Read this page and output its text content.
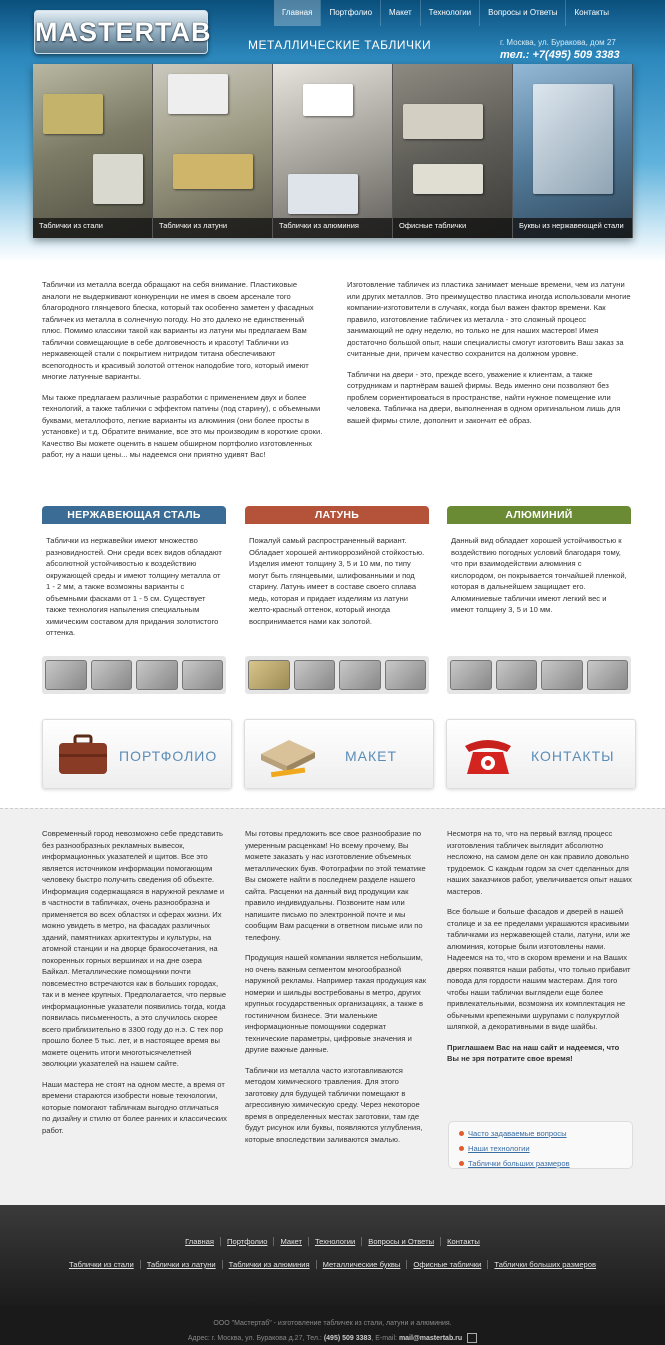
MASTERTAB
Главная	Портфолио	Макет	Технологии	Вопросы и Ответы	Контакты
МЕТАЛЛИЧЕСКИЕ ТАБЛИЧКИ	г. Москва, ул. Буракова, дом 27
тел.: +7(495) 509 3383
Таблички из стали	Таблички из латуни	Таблички из алюминия	Офисные таблички	Буквы из нержавеющей стали

Таблички из металла всегда обращают на себя внимание. Пластиковые аналоги не выдерживают конкуренции не имея в своем арсенале того благородного глянцевого блеска, который так особенно заметен у фасадных табличек из металла в солнечную погоду. Но это далеко не единственный плюс. Помимо классики такой как варианты из латуни мы предлагаем Вам таблички совмещающие в себе долговечность и красоту! Таблички из нержавеющей стали с покрытием нитридом титана обеспечивают всепогодность и красивый золотой оттенок наподобие того, который имеют многие латунные варианты.

Мы также предлагаем различные разработки с применением двух и более технологий, а также таблички с эффектом патины (под старину), с объемными буквами, металлофото, легкие варианты из алюминия (они более просты в установке) и т.д. Обратите внимание, все это мы производим в короткие сроки. Качество Вы можете оценить в нашем обширном портфолио изготовленных работ, ну а наши цены... мы надеемся они приятно удивят Вас!

Изготовление табличек из пластика занимает меньше времени, чем из латуни или других металлов. Это преимущество пластика иногда использовали многие компании-изготовители в случаях, когда был важен фактор времени. Как правило, изготовление табличек из металла - это сложный процесс занимающий не одну неделю, но только не для наших мастеров! Имея достаточно большой опыт, наши специалисты смогут изготовить Ваш заказ за считанные дни, причем качество сохранится на должном уровне.

Таблички на двери - это, прежде всего, уважение к клиентам, а также сотрудникам и партнёрам вашей фирмы. Ведь именно они позволяют без проблем сориентироваться в пространстве, найти нужное помещение или человека. Табличка на двери, выполненная в одном оригинальном лишь для вашей фирмы стиле, дополнит и закончит её образ.

НЕРЖАВЕЮЩАЯ СТАЛЬ
Таблички из нержавейки имеют множество разновидностей. Они среди всех видов обладают абсолютной устойчивостью к воздействию окружающей среды и имеют толщину металла от 1 - 2 мм, а также возможны варианты с объемными фасками от 1 - 5 см. Существует также технология напыления специальным химическим составом для придания золотистого оттенка.
ЛАТУНЬ
Пожалуй самый распространенный вариант. Обладает хорошей антикоррозийной стойкостью. Изделия имеют толщину 3, 5 и 10 мм, по типу могут быть глянцевыми, шлифованными и под старину. Латунь имеет в составе своего сплава медь, которая и придает изделиям из латуни желто-красный оттенок, который иногда воспринимается нами как золотой.
АЛЮМИНИЙ
Данный вид обладает хорошей устойчивостью к воздействию погодных условий благодаря тому, что при взаимодействии алюминия с кислородом, он покрывается тончайшей пленкой, которая в дальнейшем защищает его. Алюминиевые таблички имеют легкий вес и имеют толщину 3, 5 и 10 мм.
ПОРТФОЛИО	МАКЕТ	КОНТАКТЫ

Современный город невозможно себе представить без разнообразных рекламных вывесок, информационных указателей и щитов. Все это является источником информации помогающим человеку быстро получить сведения об объекте. Информация содержащаяся в наружной рекламе и в частности в табличках, очень разнообразна и применяется во всех областях и сферах жизни. Их можно увидеть в метро, на фасадах различных зданий, памятниках архитектуры и культуры, на атомной станции и на дворце бракосочетания, на покоренных горных вершинах и на дне озера Байкал. Металлические помощники почти повсеместно встречаются как в больших городах, так и в менее крупных. Предполагается, что первые информационные указатели появились тогда, когда появилась письменность, а это случилось скорее всего приблизительно в 3300 году до н.э. С тех пор прошло более 5 тыс. лет, и в настоящее время вы можете оценить итоги многотысячелетней эволюции указателей на нашем сайте.

Наши мастера не стоят на одном месте, а время от времени стараются изобрести новые технологии, которые помогают табличкам выгодно отличаться по дизайну и стилю от более ранних и классических работ.

Мы готовы предложить все свое разнообразие по умеренным расценкам! Но всему прочему, Вы можете заказать у нас изготовление объемных металлических букв. Фотографии по этой тематике Вы сможете найти в последнем разделе нашего сайта. Расценки на данный вид продукции как правило индивидуальны. Позвоните нам или напишите письмо по электронной почте и мы сообщим Вам расценки в ответном письме или по телефону.

Продукция нашей компании является небольшим, но очень важным сегментом многообразной наружной рекламы. Например такая продукция как номерки и шильды востребованы в метро, других крупных государственных организациях, а также в гостиничном бизнесе. Эти маленькие информационные помощники содержат технические параметры, цифровые значения и другие важные данные.

Таблички из металла часто изготавливаются методом химического травления. Для этого заготовку для будущей таблички помещают в агрессивную химическую среду. Через некоторое время в определенных местах заготовки, там где будут рисунок или буквы, появляются углубления, которые впоследствии заливаются эмалью.

Несмотря на то, что на первый взгляд процесс изготовления табличек выглядит абсолютно несложно, на самом деле он как правило довольно трудоемок. С каждым годом за счет сделанных для наших заказчиков работ, увеличивается опыт наших мастеров.

Все больше и больше фасадов и дверей в нашей столице и за ее пределами украшаются красивыми табличками из нержавеющей стали, латуни, или же алюминия, которые были изготовлены нами. Надеемся на то, что в скором времени и на Ваших дверях появятся наши работы, что только прибавит повода для гордости нашим мастерам. Для того чтобы наши таблички выглядели еще более привлекательными, возможна их комплектация не обычными крепежными шурупами с полукруглой шляпкой, а декоративными в виде шайбы.

Приглашаем Вас на наш сайт и надеемся, что Вы не зря потратите свое время!

Часто задаваемые вопросы
Наши технологии
Таблички больших размеров
Главная	Портфолио	Макет	Технологии	Вопросы и Ответы	Контакты
Таблички из стали	Таблички из латуни	Таблички из алюминия	Металлические буквы	Офисные таблички	Таблички больших размеров
ООО "Мастертаб" - изготовление табличек из стали, латуни и алюминия.
Адрес: г. Москва, ул. Буракова д.27, Тел.: (495) 509 3383, E-mail: mail@mastertab.ru
